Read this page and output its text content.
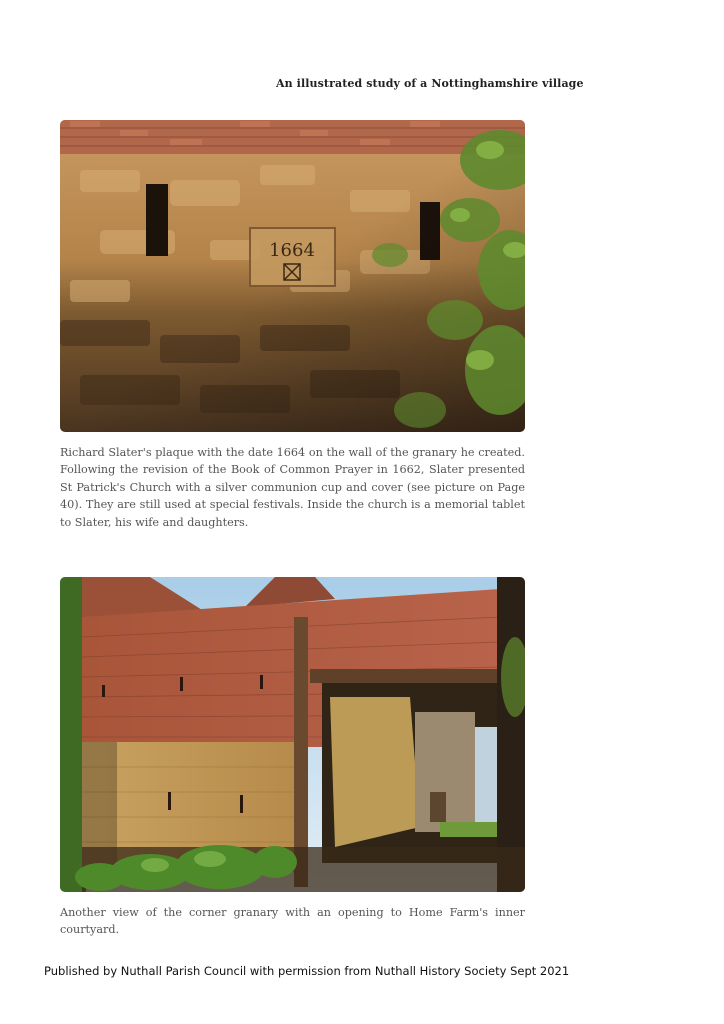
An illustrated study of a Nottinghamshire village
Richard Slater's plaque with the date 1664 on the wall of the granary he created. Following the revision of the Book of Common Prayer in 1662, Slater presented St Patrick's Church with a silver communion cup and cover (see picture on Page 40). They are still used at special festivals. Inside the church is a memorial tablet to Slater, his wife and daughters.
Another view of the corner granary with an opening to Home Farm's inner courtyard.
Published by Nuthall Parish Council with permission from Nuthall History Society Sept 2021
